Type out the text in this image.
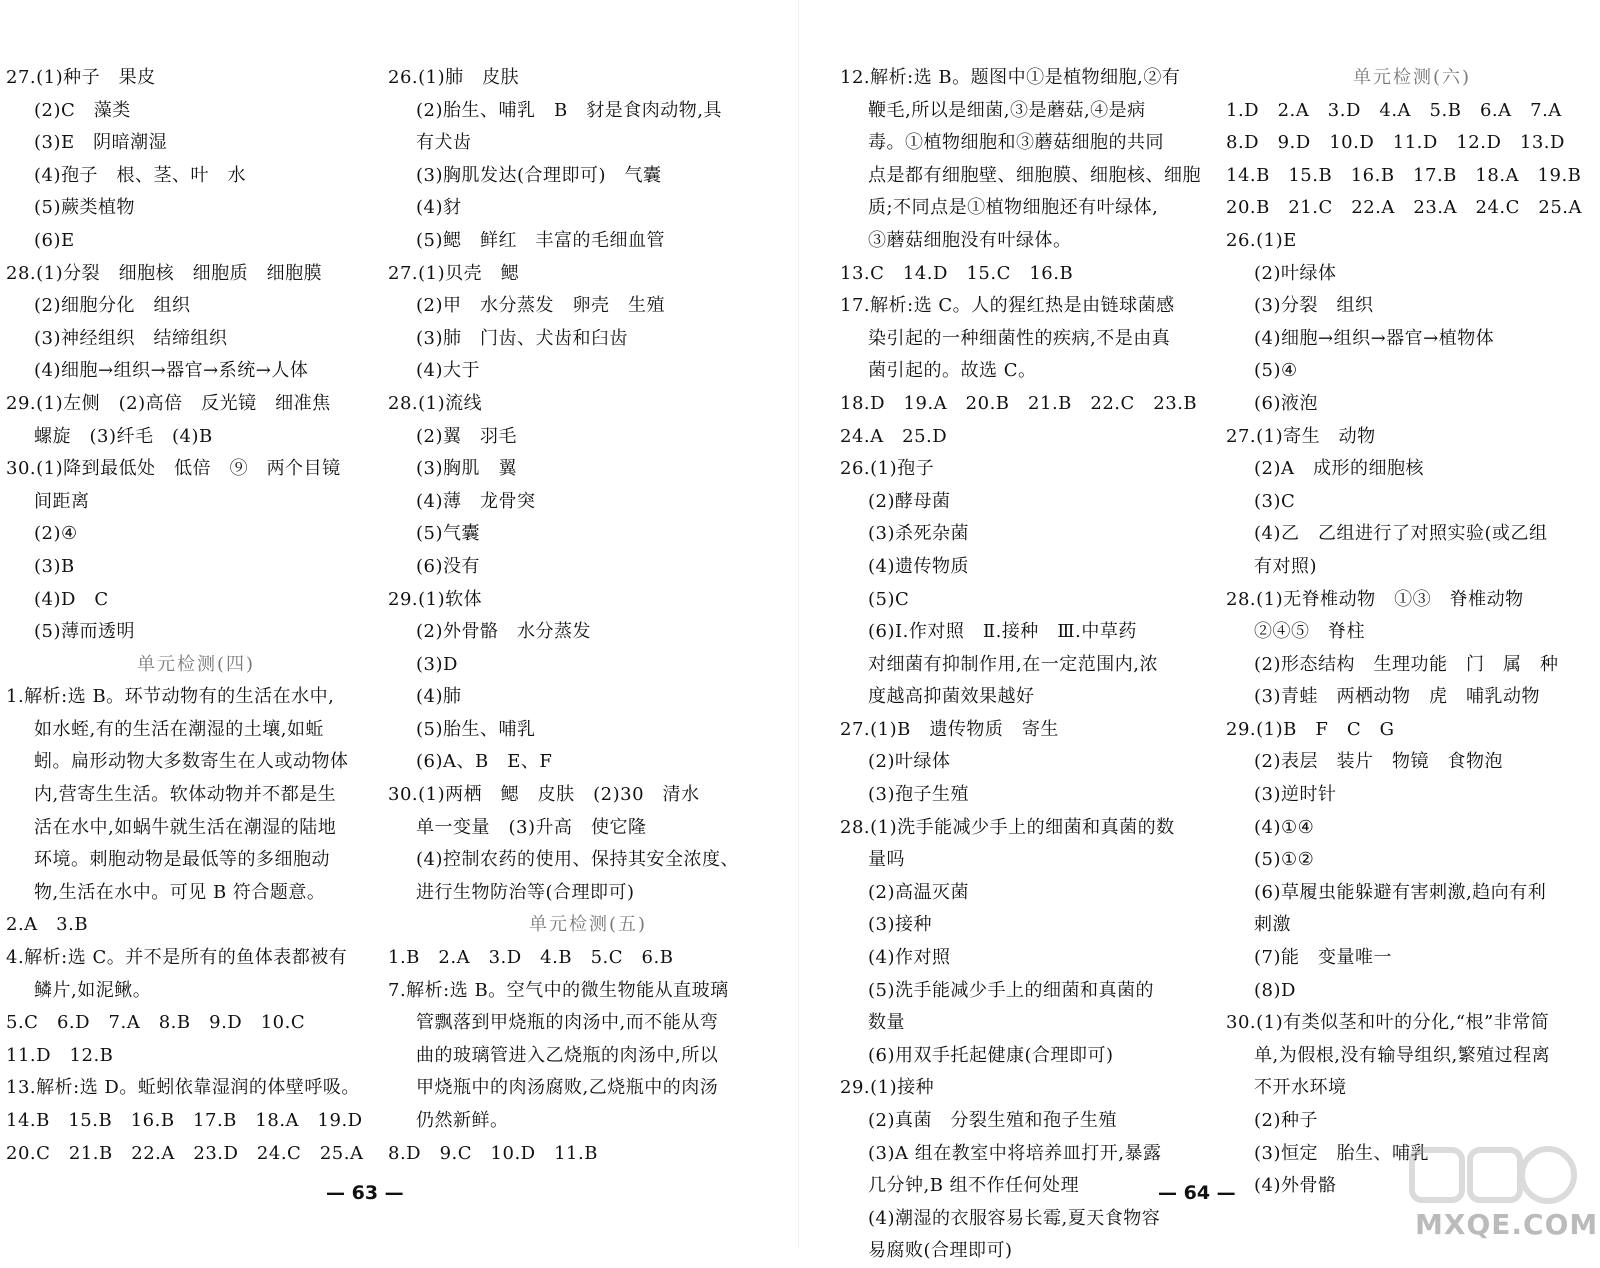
27.(1)种子　果皮
(2)C　藻类
(3)E　阴暗潮湿
(4)孢子　根、茎、叶　水
(5)蕨类植物
(6)E
28.(1)分裂　细胞核　细胞质　细胞膜
(2)细胞分化　组织
(3)神经组织　结缔组织
(4)细胞→组织→器官→系统→人体
29.(1)左侧　(2)高倍　反光镜　细准焦
螺旋　(3)纤毛　(4)B
30.(1)降到最低处　低倍　⑨　两个目镜
间距离
(2)④
(3)B
(4)D　C
(5)薄而透明
单元检测(四)
1.解析:选 B。环节动物有的生活在水中,
如水蛭,有的生活在潮湿的土壤,如蚯
蚓。扁形动物大多数寄生在人或动物体
内,营寄生生活。软体动物并不都是生
活在水中,如蜗牛就生活在潮湿的陆地
环境。刺胞动物是最低等的多细胞动
物,生活在水中。可见 B 符合题意。
2.A　3.B
4.解析:选 C。并不是所有的鱼体表都被有
鳞片,如泥鳅。
5.C　6.D　7.A　8.B　9.D　10.C
11.D　12.B
13.解析:选 D。蚯蚓依靠湿润的体壁呼吸。
14.B　15.B　16.B　17.B　18.A　19.D
20.C　21.B　22.A　23.D　24.C　25.A
26.(1)肺　皮肤
(2)胎生、哺乳　B　豺是食肉动物,具
有犬齿
(3)胸肌发达(合理即可)　气囊
(4)豺
(5)鳃　鲜红　丰富的毛细血管
27.(1)贝壳　鳃
(2)甲　水分蒸发　卵壳　生殖
(3)肺　门齿、犬齿和臼齿
(4)大于
28.(1)流线
(2)翼　羽毛
(3)胸肌　翼
(4)薄　龙骨突
(5)气囊
(6)没有
29.(1)软体
(2)外骨骼　水分蒸发
(3)D
(4)肺
(5)胎生、哺乳
(6)A、B　E、F
30.(1)两栖　鳃　皮肤　(2)30　清水
单一变量　(3)升高　使它隆
(4)控制农药的使用、保持其安全浓度、
进行生物防治等(合理即可)
单元检测(五)
1.B　2.A　3.D　4.B　5.C　6.B
7.解析:选 B。空气中的微生物能从直玻璃
管飘落到甲烧瓶的肉汤中,而不能从弯
曲的玻璃管进入乙烧瓶的肉汤中,所以
甲烧瓶中的肉汤腐败,乙烧瓶中的肉汤
仍然新鲜。
8.D　9.C　10.D　11.B
12.解析:选 B。题图中①是植物细胞,②有
鞭毛,所以是细菌,③是蘑菇,④是病
毒。①植物细胞和③蘑菇细胞的共同
点是都有细胞壁、细胞膜、细胞核、细胞
质;不同点是①植物细胞还有叶绿体,
③蘑菇细胞没有叶绿体。
13.C　14.D　15.C　16.B
17.解析:选 C。人的猩红热是由链球菌感
染引起的一种细菌性的疾病,不是由真
菌引起的。故选 C。
18.D　19.A　20.B　21.B　22.C　23.B
24.A　25.D
26.(1)孢子
(2)酵母菌
(3)杀死杂菌
(4)遗传物质
(5)C
(6)Ⅰ.作对照　Ⅱ.接种　Ⅲ.中草药
对细菌有抑制作用,在一定范围内,浓
度越高抑菌效果越好
27.(1)B　遗传物质　寄生
(2)叶绿体
(3)孢子生殖
28.(1)洗手能减少手上的细菌和真菌的数
量吗
(2)高温灭菌
(3)接种
(4)作对照
(5)洗手能减少手上的细菌和真菌的
数量
(6)用双手托起健康(合理即可)
29.(1)接种
(2)真菌　分裂生殖和孢子生殖
(3)A 组在教室中将培养皿打开,暴露
几分钟,B 组不作任何处理
(4)潮湿的衣服容易长霉,夏天食物容
易腐败(合理即可)
单元检测(六)
1.D　2.A　3.D　4.A　5.B　6.A　7.A
8.D　9.D　10.D　11.D　12.D　13.D
14.B　15.B　16.B　17.B　18.A　19.B
20.B　21.C　22.A　23.A　24.C　25.A
26.(1)E
(2)叶绿体
(3)分裂　组织
(4)细胞→组织→器官→植物体
(5)④
(6)液泡
27.(1)寄生　动物
(2)A　成形的细胞核
(3)C
(4)乙　乙组进行了对照实验(或乙组
有对照)
28.(1)无脊椎动物　①③　脊椎动物
②④⑤　脊柱
(2)形态结构　生理功能　门　属　种
(3)青蛙　两栖动物　虎　哺乳动物
29.(1)B　F　C　G
(2)表层　装片　物镜　食物泡
(3)逆时针
(4)①④
(5)①②
(6)草履虫能躲避有害刺激,趋向有利
刺激
(7)能　变量唯一
(8)D
30.(1)有类似茎和叶的分化,“根”非常简
单,为假根,没有输导组织,繁殖过程离
不开水环境
(2)种子
(3)恒定　胎生、哺乳
(4)外骨骼
— 63 —	— 64 —
MXQE.COM
